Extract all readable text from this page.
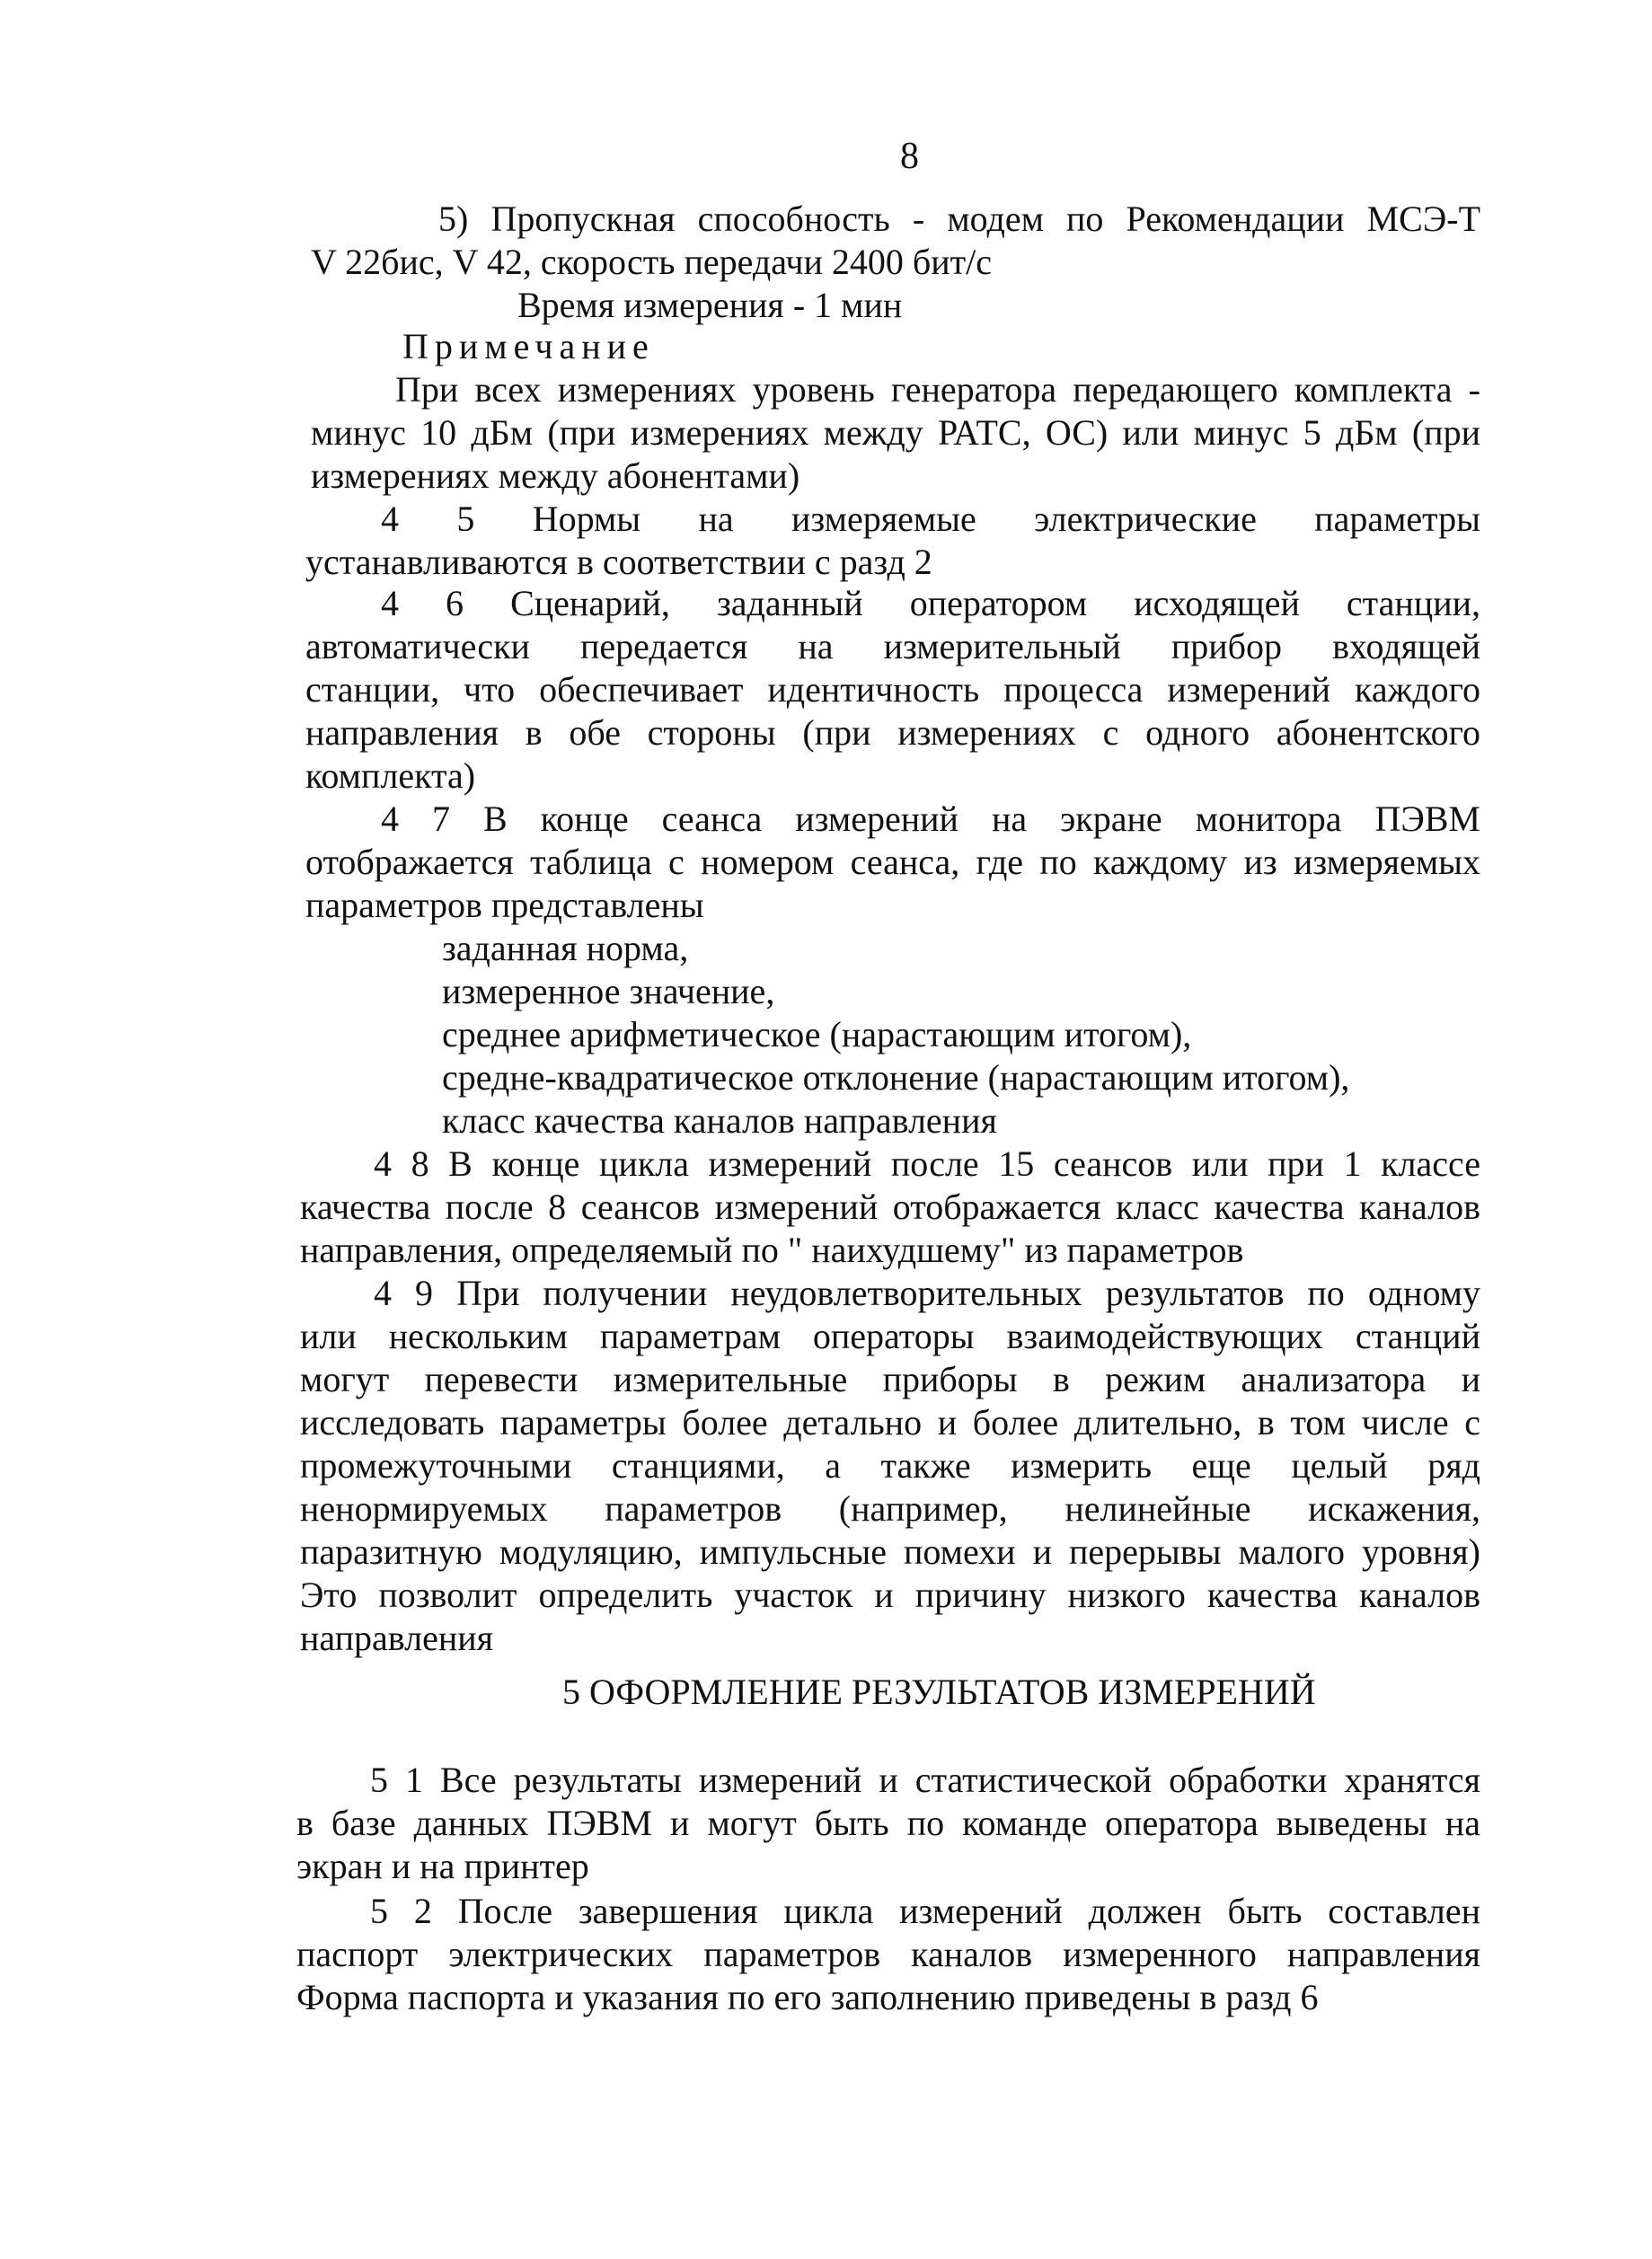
8
5) Пропускная способность - модем по Рекомендации МСЭ-Т
V 22бис, V 42, скорость передачи 2400 бит/с
Время измерения - 1 мин
Примечание
При всех измерениях уровень генератора передающего комплекта -
минус 10 дБм (при измерениях между РАТС, ОС) или минус 5 дБм (при
измерениях между абонентами)
4 5 Нормы на измеряемые электрические параметры
устанавливаются в соответствии с разд 2
4 6 Сценарий, заданный оператором исходящей станции,
автоматически передается на измерительный прибор входящей
станции, что обеспечивает идентичность процесса измерений каждого
направления в обе стороны (при измерениях с одного абонентского
комплекта)
4 7 В конце сеанса измерений на экране монитора ПЭВМ
отображается таблица с номером сеанса, где по каждому из измеряемых
параметров представлены
заданная норма,
измеренное значение,
среднее арифметическое (нарастающим итогом),
средне-квадратическое отклонение (нарастающим итогом),
класс качества каналов направления
4 8 В конце цикла измерений после 15 сеансов или при 1 классе
качества после 8 сеансов измерений отображается класс качества каналов
направления, определяемый по " наихудшему" из параметров
4 9 При получении неудовлетворительных результатов по одному
или нескольким параметрам операторы взаимодействующих станций
могут перевести измерительные приборы в режим анализатора и
исследовать параметры более детально и более длительно, в том числе с
промежуточными станциями, а также измерить еще целый ряд
ненормируемых параметров (например, нелинейные искажения,
паразитную модуляцию, импульсные помехи и перерывы малого уровня)
Это позволит определить участок и причину низкого качества каналов
направления
5 ОФОРМЛЕНИЕ РЕЗУЛЬТАТОВ ИЗМЕРЕНИЙ
5 1 Все результаты измерений и статистической обработки хранятся
в базе данных ПЭВМ и могут быть по команде оператора выведены на
экран и на принтер
5 2 После завершения цикла измерений должен быть составлен
паспорт электрических параметров каналов измеренного направления
Форма паспорта и указания по его заполнению приведены в разд 6
